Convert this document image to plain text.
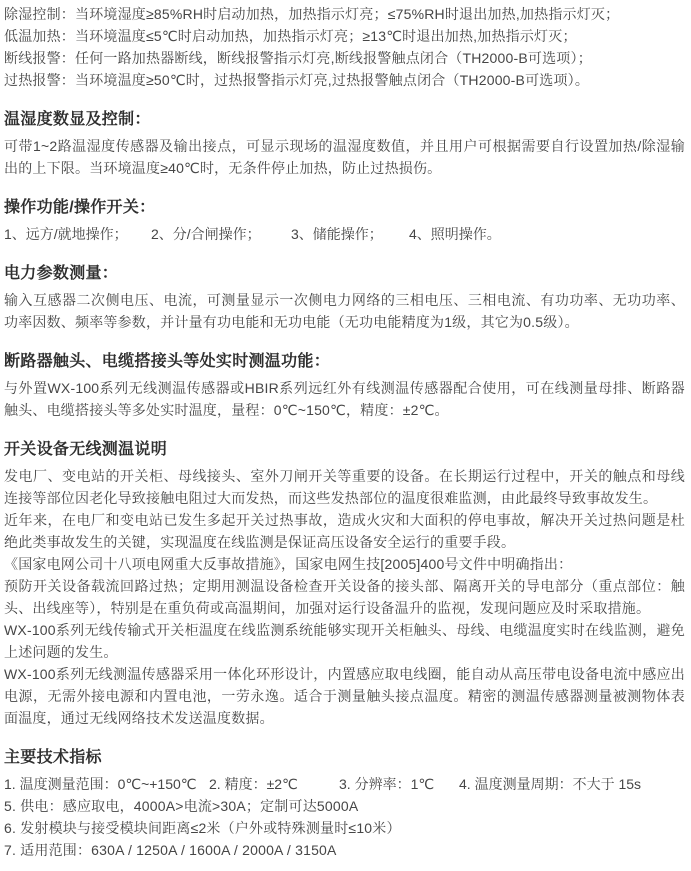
除湿控制：当环境湿度≥85%RH时启动加热，加热指示灯亮；≤75%RH时退出加热,加热指示灯灭；

低温加热：当环境温度≤5℃时启动加热，加热指示灯亮；≥13℃时退出加热,加热指示灯灭；

断线报警：任何一路加热器断线，断线报警指示灯亮,断线报警触点闭合（TH2000-B可选项）；

过热报警：当环境温度≥50℃时，过热报警指示灯亮,过热报警触点闭合（TH2000-B可选项）。

温湿度数显及控制：

可带1~2路温湿度传感器及输出接点，可显示现场的温湿度数值，并且用户可根据需要自行设置加热/除湿输出的上下限。当环境温度≥40℃时，无条件停止加热，防止过热损伤。

操作功能/操作开关：
1、远方/就地操作；	2、分/合闸操作；	3、储能操作；	4、照明操作。
电力参数测量：

输入互感器二次侧电压、电流，可测量显示一次侧电力网络的三相电压、三相电流、有功功率、无功功率、功率因数、频率等参数，并计量有功电能和无功电能（无功电能精度为1级，其它为0.5级）。

断路器触头、电缆搭接头等处实时测温功能：

与外置WX-100系列无线测温传感器或HBIR系列远红外有线测温传感器配合使用，可在线测量母排、断路器触头、电缆搭接头等多处实时温度，量程：0℃~150℃，精度：±2℃。

开关设备无线测温说明

发电厂、变电站的开关柜、母线接头、室外刀闸开关等重要的设备。在长期运行过程中，开关的触点和母线连接等部位因老化导致接触电阻过大而发热，而这些发热部位的温度很难监测，由此最终导致事故发生。

近年来，在电厂和变电站已发生多起开关过热事故，造成火灾和大面积的停电事故，解决开关过热问题是杜绝此类事故发生的关键，实现温度在线监测是保证高压设备安全运行的重要手段。

《国家电网公司十八项电网重大反事故措施》，国家电网生技[2005]400号文件中明确指出：

预防开关设备载流回路过热；定期用测温设备检查开关设备的接头部、隔离开关的导电部分（重点部位：触头、出线座等），特别是在重负荷或高温期间，加强对运行设备温升的监视，发现问题应及时采取措施。

WX-100系列无线传输式开关柜温度在线监测系统能够实现开关柜触头、母线、电缆温度实时在线监测，避免上述问题的发生。

WX-100系列无线测温传感器采用一体化环形设计，内置感应取电线圈，能自动从高压带电设备电流中感应出电源，无需外接电源和内置电池，一劳永逸。适合于测量触头接点温度。精密的测温传感器测量被测物体表面温度，通过无线网络技术发送温度数据。

主要技术指标
1. 温度测量范围：0℃~+150℃ 2. 精度：±2℃	3. 分辨率：1℃	4. 温度测量周期：不大于 15s

5. 供电：感应取电，4000A>电流>30A；定制可达5000A

6. 发射模块与接受模块间距离≤2米（户外或特殊测量时≤10米）

7. 适用范围：630A / 1250A / 1600A / 2000A / 3150A
